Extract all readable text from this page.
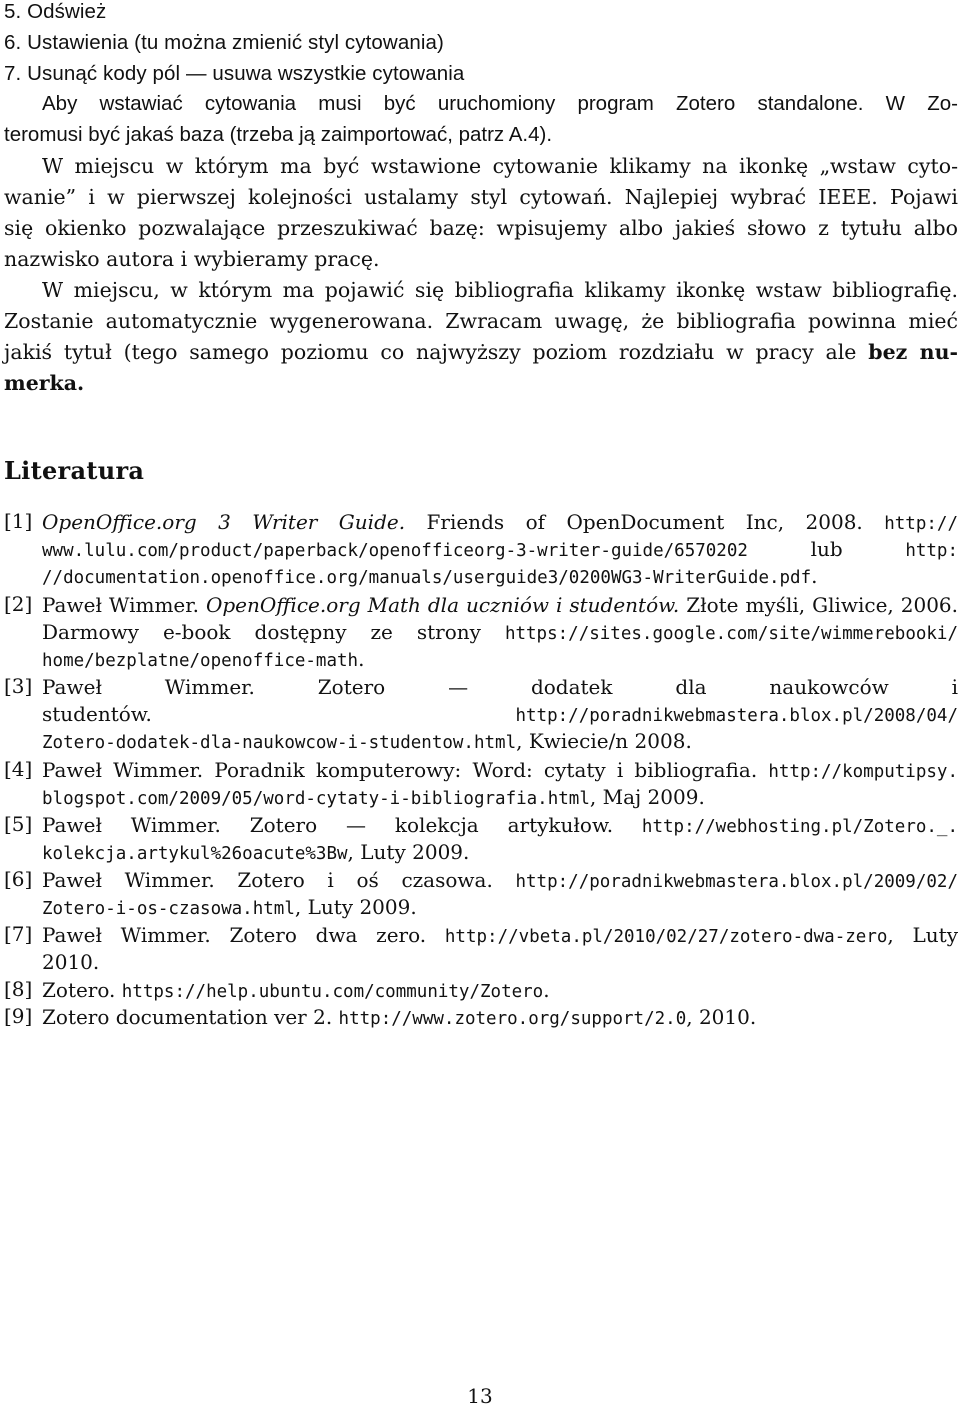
5. Odśwież
6. Ustawienia (tu można zmienić styl cytowania)
7. Usunąć kody pól — usuwa wszystkie cytowania
Aby wstawiać cytowania musi być uruchomiony program Zotero standalone. W Zo-
teromusi być jakaś baza (trzeba ją zaimportować, patrz A.4).
W miejscu w którym ma być wstawione cytowanie klikamy na ikonkę „wstaw cyto-
wanie” i w pierwszej kolejności ustalamy styl cytowań. Najlepiej wybrać IEEE. Pojawi
się okienko pozwalające przeszukiwać bazę: wpisujemy albo jakieś słowo z tytułu albo
nazwisko autora i wybieramy pracę.
W miejscu, w którym ma pojawić się bibliografia klikamy ikonkę wstaw bibliografię.
Zostanie automatycznie wygenerowana. Zwracam uwagę, że bibliografia powinna mieć
jakiś tytuł (tego samego poziomu co najwyższy poziom rozdziału w pracy ale bez nu-
merka.
Literatura
[1] OpenOffice.org 3 Writer Guide. Friends of OpenDocument Inc, 2008. http://
www.lulu.com/product/paperback/openofficeorg-3-writer-guide/6570202 lub http:
//documentation.openoffice.org/manuals/userguide3/0200WG3-WriterGuide.pdf.
[2] Paweł Wimmer. OpenOffice.org Math dla uczniów i studentów. Złote myśli, Gliwice, 2006.
Darmowy e-book dostępny ze strony https://sites.google.com/site/wimmerebooki/
home/bezplatne/openoffice-math.
[3] Paweł Wimmer.	Zotero — dodatek dla naukowców i
studentów.	http://poradnikwebmastera.blox.pl/2008/04/
Zotero-dodatek-dla-naukowcow-i-studentow.html, Kwiecie/n 2008.
[4] Paweł Wimmer. Poradnik komputerowy: Word: cytaty i bibliografia. http://komputipsy.
blogspot.com/2009/05/word-cytaty-i-bibliografia.html, Maj 2009.
[5] Paweł Wimmer. Zotero — kolekcja artykułow. http://webhosting.pl/Zotero._.
kolekcja.artykul%26oacute%3Bw, Luty 2009.
[6] Paweł Wimmer. Zotero i oś czasowa. http://poradnikwebmastera.blox.pl/2009/02/
Zotero-i-os-czasowa.html, Luty 2009.
[7] Paweł Wimmer. Zotero dwa zero. http://vbeta.pl/2010/02/27/zotero-dwa-zero, Luty
2010.
[8] Zotero. https://help.ubuntu.com/community/Zotero.
[9] Zotero documentation ver 2. http://www.zotero.org/support/2.0, 2010.
13
